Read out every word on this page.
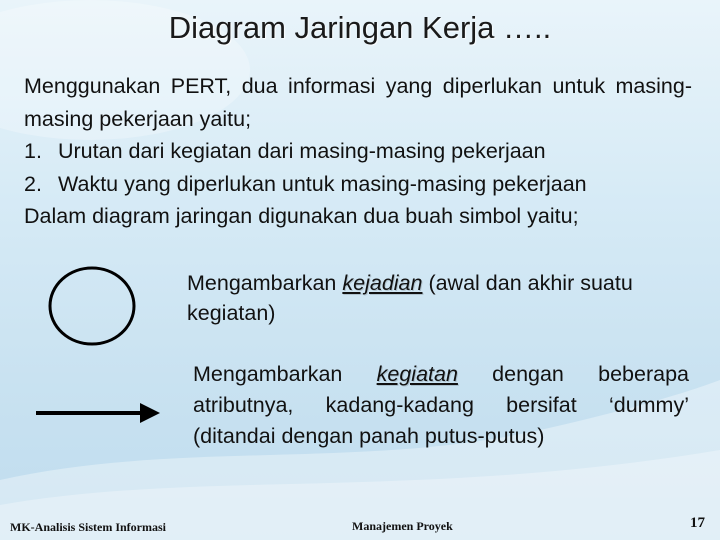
Diagram Jaringan Kerja …..
Menggunakan PERT, dua informasi yang diperlukan untuk masing-masing pekerjaan yaitu;
1. Urutan dari kegiatan dari masing-masing pekerjaan
2. Waktu yang diperlukan untuk masing-masing pekerjaan
Dalam diagram jaringan digunakan dua buah simbol yaitu;
Mengambarkan kejadian (awal dan akhir suatu kegiatan)
Mengambarkan kegiatan dengan beberapa atributnya, kadang-kadang bersifat ‘dummy’ (ditandai dengan panah putus-putus)
MK-Analisis Sistem Informasi	Manajemen Proyek	17
